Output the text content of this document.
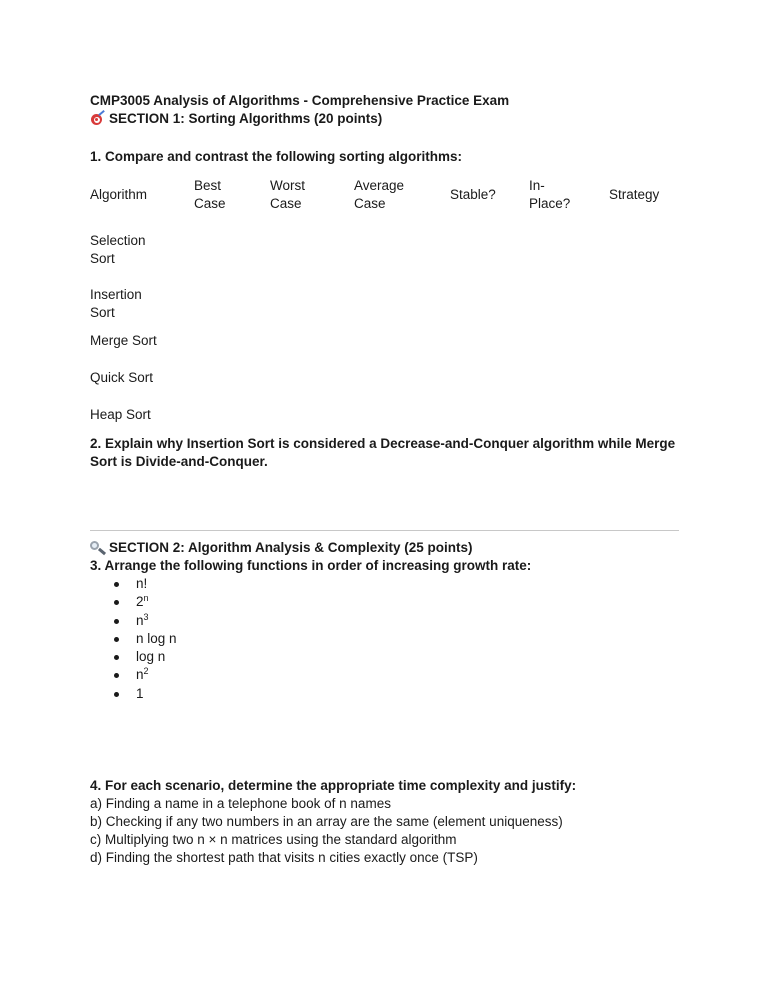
CMP3005 Analysis of Algorithms - Comprehensive Practice Exam
SECTION 1: Sorting Algorithms (20 points)
1. Compare and contrast the following sorting algorithms:
Algorithm	Best Case	Worst Case	Average Case	Stable?	In-Place?	Strategy
Selection Sort						
Insertion Sort						
Merge Sort						
Quick Sort						
Heap Sort						
2. Explain why Insertion Sort is considered a Decrease-and-Conquer algorithm while Merge Sort is Divide-and-Conquer.
SECTION 2: Algorithm Analysis & Complexity (25 points)
3. Arrange the following functions in order of increasing growth rate:
n!
2$^n$
$n^3$
n log n
log n
$n^2$
1
4. For each scenario, determine the appropriate time complexity and justify:
a) Finding a name in a telephone book of n names
b) Checking if any two numbers in an array are the same (element uniqueness)
c) Multiplying two n × n matrices using the standard algorithm
d) Finding the shortest path that visits n cities exactly once (TSP)
